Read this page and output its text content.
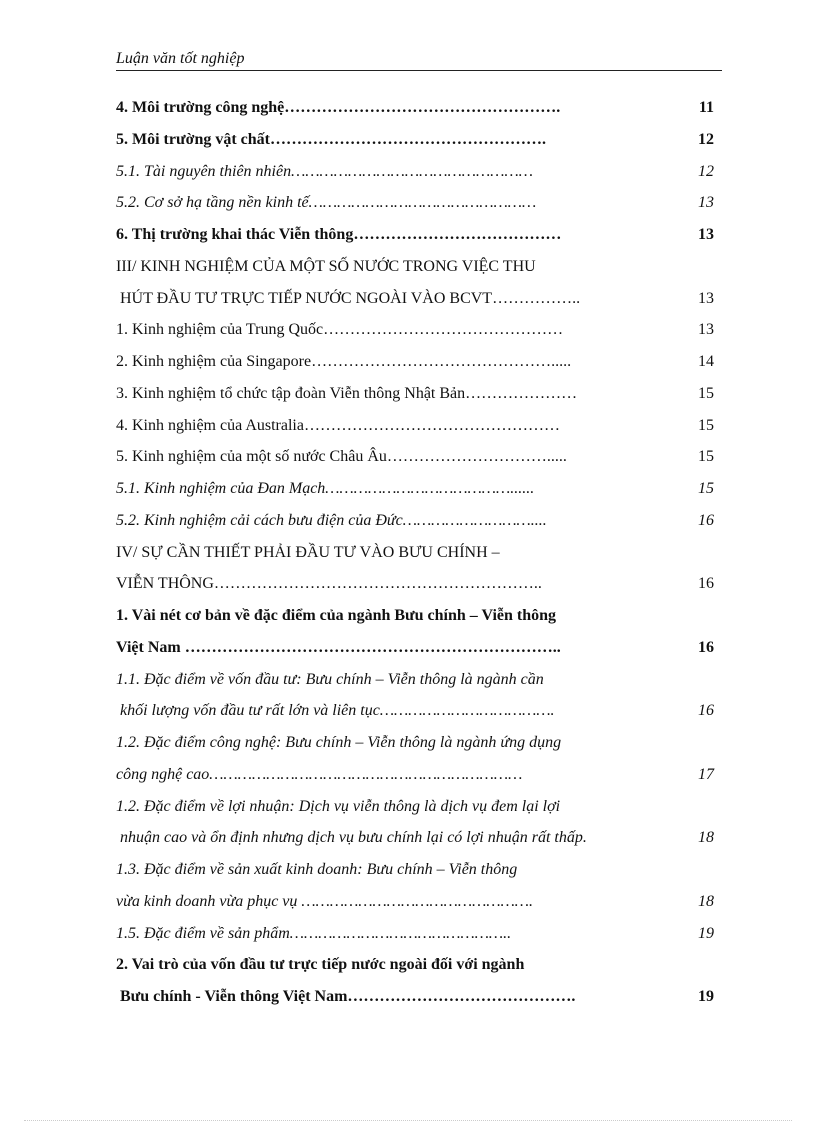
Luận văn tốt nghiệp
4. Môi trường công nghệ…………………………………………….	11
5. Môi trường vật chất…………………………………………….	12
5.1. Tài nguyên thiên nhiên……………………………………………	12
5.2. Cơ sở hạ tầng nền kinh tế…………………………………………	13
6. Thị trường khai thác Viễn thông…………………………………	13
III/ KINH NGHIỆM CỦA MỘT SỐ NƯỚC TRONG VIỆC THU
HÚT ĐẦU TƯ TRỰC TIẾP NƯỚC NGOÀI VÀO BCVT……………..	13
1. Kinh nghiệm của Trung Quốc………………………………………	13
2. Kinh nghiệm của Singapore……………………………………….....	14
3. Kinh nghiệm tổ chức tập đoàn Viễn thông Nhật Bản…………………	15
4. Kinh nghiệm của Australia…………………………………………	15
5. Kinh nghiệm của một số nước Châu Âu………………………….....	15
5.1. Kinh nghiệm của Đan Mạch…………………………………......	15
5.2. Kinh nghiệm cải cách bưu điện của Đức………………………....	16
IV/ SỰ CẦN THIẾT PHẢI ĐẦU TƯ VÀO BƯU CHÍNH –
VIỄN THÔNG……………………………………………………..	16
1. Vài nét cơ bản về đặc điểm của ngành Bưu chính – Viễn thông
Việt Nam ……………………………………………………………..	16
1.1. Đặc điểm về vốn đầu tư: Bưu chính – Viễn thông là ngành cần
khối lượng vốn đầu tư rất lớn và liên tục……………………………….	16
1.2. Đặc điểm công nghệ: Bưu chính – Viễn thông là ngành ứng dụng
công nghệ cao…………………………………………………………	17
1.2. Đặc điểm về lợi nhuận: Dịch vụ viễn thông là dịch vụ đem lại lợi
nhuận cao và ổn định nhưng dịch vụ bưu chính lại có lợi nhuận rất thấp.	18
1.3. Đặc điểm về sản xuất kinh doanh: Bưu chính – Viễn thông
vừa kinh doanh vừa phục vụ ………………………………………….	18
1.5. Đặc điểm về sản phẩm………………………………………..	19
2. Vai trò của vốn đầu tư trực tiếp nước ngoài đối với ngành
Bưu chính - Viễn thông Việt Nam…………………………………….	19
